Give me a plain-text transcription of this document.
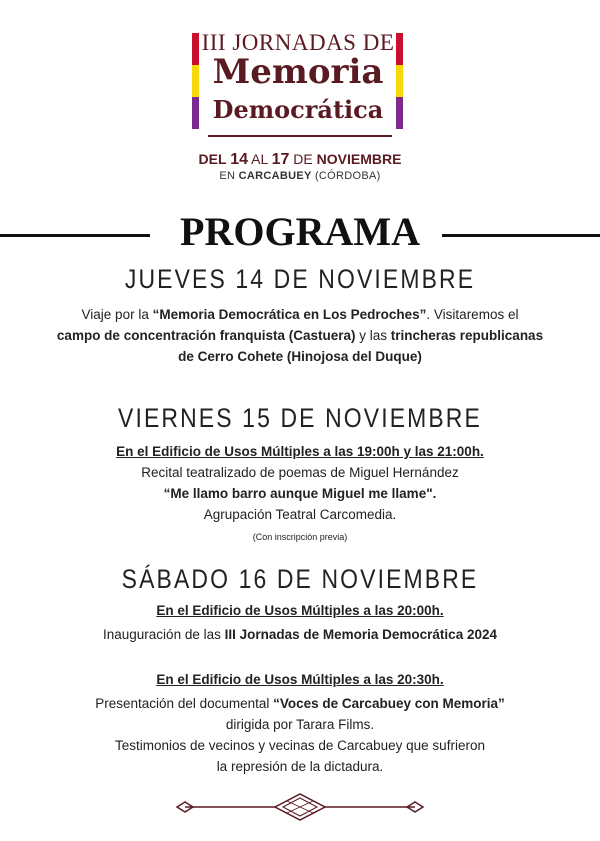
III JORNADAS DE
Memoria
Democrática
DEL 14 AL 17 DE NOVIEMBRE
EN CARCABUEY (CÓRDOBA)
PROGRAMA
JUEVES 14 DE NOVIEMBRE
Viaje por la “Memoria Democrática en Los Pedroches”. Visitaremos el
campo de concentración franquista (Castuera) y las trincheras republicanas
de Cerro Cohete (Hinojosa del Duque)
VIERNES 15 DE NOVIEMBRE
En el Edificio de Usos Múltiples a las 19:00h y las 21:00h.
Recital teatralizado de poemas de Miguel Hernández
“Me llamo barro aunque Miguel me llame".
Agrupación Teatral Carcomedia.
(Con inscripción previa)
SÁBADO 16 DE NOVIEMBRE
En el Edificio de Usos Múltiples a las 20:00h.
Inauguración de las III Jornadas de Memoria Democrática 2024
En el Edificio de Usos Múltiples a las 20:30h.
Presentación del documental “Voces de Carcabuey con Memoria”
dirigida por Tarara Films.
Testimonios de vecinos y vecinas de Carcabuey que sufrieron
la represión de la dictadura.
